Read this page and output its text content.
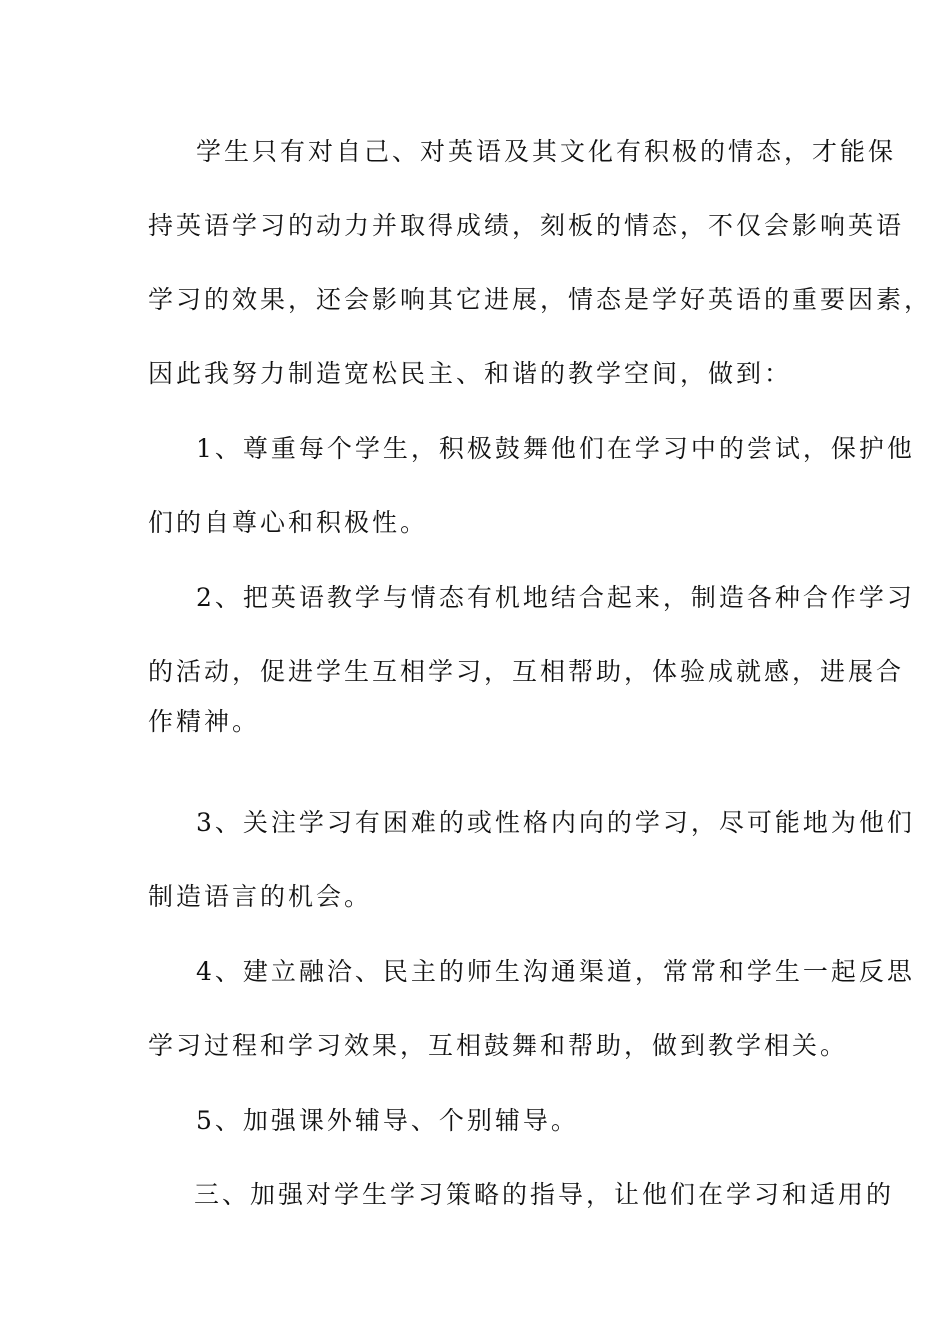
学生只有对自己、对英语及其文化有积极的情态，才能保
持英语学习的动力并取得成绩，刻板的情态，不仅会影响英语
学习的效果，还会影响其它进展，情态是学好英语的重要因素，
因此我努力制造宽松民主、和谐的教学空间，做到：
1、尊重每个学生，积极鼓舞他们在学习中的尝试，保护他
们的自尊心和积极性。
2、把英语教学与情态有机地结合起来，制造各种合作学习
的活动，促进学生互相学习，互相帮助，体验成就感，进展合
作精神。
3、关注学习有困难的或性格内向的学习，尽可能地为他们
制造语言的机会。
4、建立融洽、民主的师生沟通渠道，常常和学生一起反思
学习过程和学习效果，互相鼓舞和帮助，做到教学相关。
5、加强课外辅导、个别辅导。
三、加强对学生学习策略的指导，让他们在学习和适用的
